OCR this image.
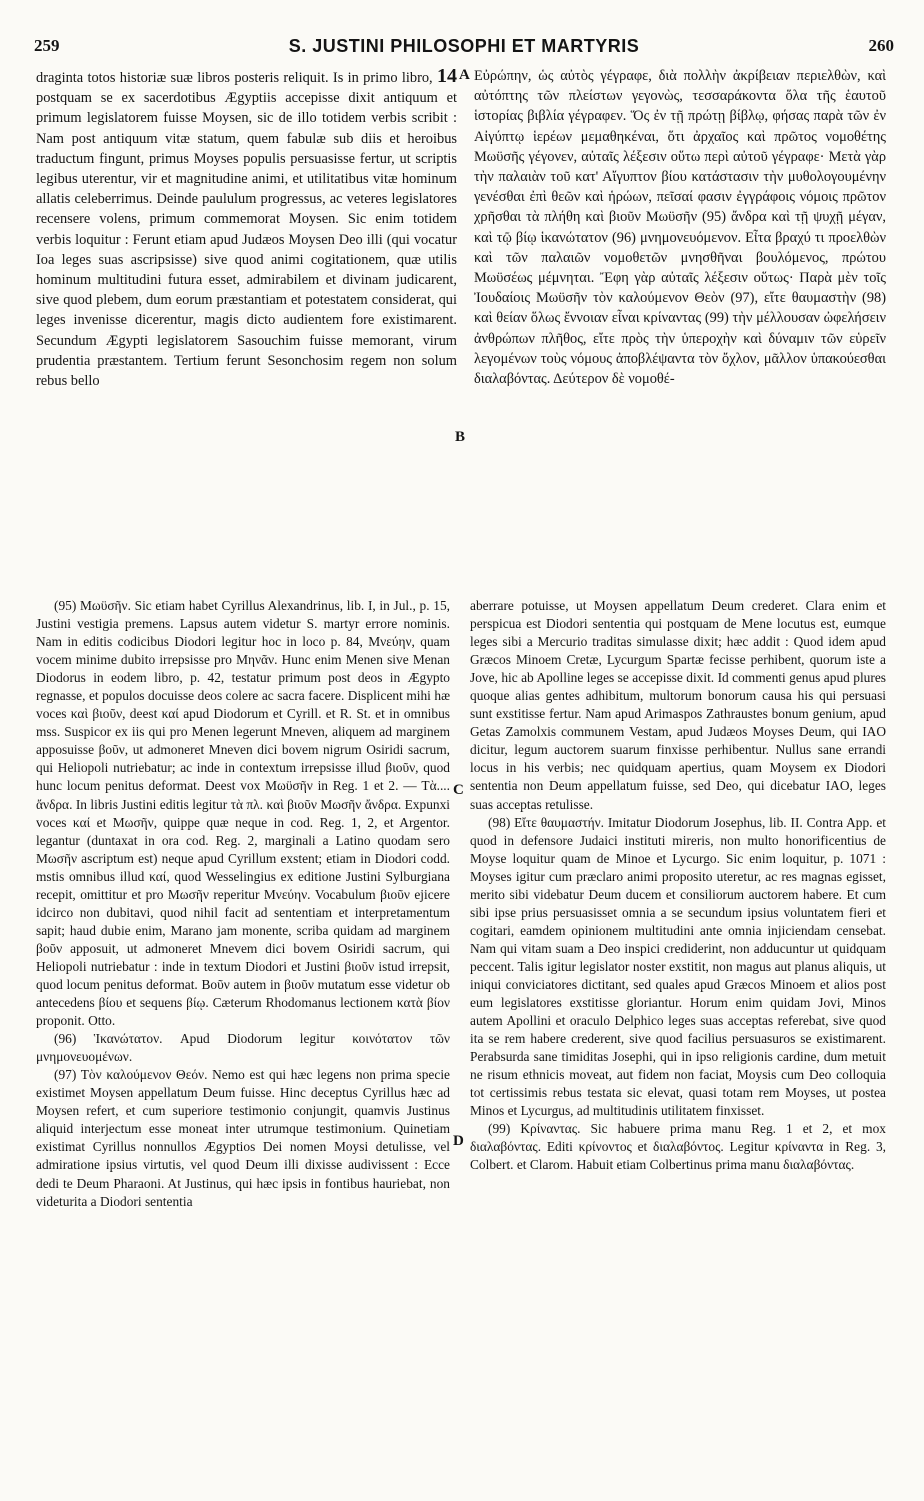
259	S. JUSTINI PHILOSOPHI ET MARTYRIS	260

draginta totos historiæ suæ libros posteris reliquit. Is in primo libro, 14 postquam se ex sacerdotibus Ægyptiis accepisse dixit antiquum et primum legislatorem fuisse Moysen, sic de illo totidem verbis scribit : Nam post antiquum vitæ statum, quem fabulæ sub diis et heroibus traductum fingunt, primus Moyses populis persuasisse fertur, ut scriptis legibus uterentur, vir et magnitudine animi, et utilitatibus vitæ hominum allatis celeberrimus. Deinde paululum progressus, ac veteres legislatores recensere volens, primum commemorat Moysen. Sic enim totidem verbis loquitur : Ferunt etiam apud Judæos Moysen Deo illi (qui vocatur Ioa leges suas ascripsisse) sive quod animi cogitationem, quæ utilis hominum multitudini futura esset, admirabilem et divinam judicarent, sive quod plebem, dum eorum præstantiam et potestatem considerat, qui leges invenisse dicerentur, magis dicto audientem fore existimarent. Secundum Ægypti legislatorem Sasouchim fuisse memorant, virum prudentia præstantem. Tertium ferunt Sesonchosim regem non solum rebus bello

Εὐρώπην, ὡς αὐτὸς γέγραφε, διὰ πολλὴν ἀκρίβειαν περιελθὼν, καὶ αὐτόπτης τῶν πλείστων γεγονὼς, τεσσαράκοντα ὅλα τῆς ἑαυτοῦ ἱστορίας βιβλία γέγραφεν. Ὅς ἐν τῇ πρώτῃ βίβλῳ, φήσας παρὰ τῶν ἐν Αἰγύπτῳ ἱερέων μεμαθηκέναι, ὅτι ἀρχαῖος καὶ πρῶτος νομοθέτης Μωϋσῆς γέγονεν, αὐταῖς λέξεσιν οὕτω περὶ αὐτοῦ γέγραφε· Μετὰ γὰρ τὴν παλαιὰν τοῦ κατ' Αἴγυπτον βίου κατάστασιν τὴν μυθολογουμένην γενέσθαι ἐπὶ θεῶν καὶ ἡρώων, πεῖσαί φασιν ἐγγράφοις νόμοις πρῶτον χρῆσθαι τὰ πλήθη καὶ βιοῦν Μωϋσῆν (95) ἄνδρα καὶ τῇ ψυχῇ μέγαν, καὶ τῷ βίῳ ἱκανώτατον (96) μνημονευόμενον. Εἶτα βραχύ τι προελθὼν καὶ τῶν παλαιῶν νομοθετῶν μνησθῆναι βουλόμενος, πρώτου Μωϋσέως μέμνηται. Ἔφη γὰρ αὐταῖς λέξεσιν οὕτως· Παρὰ μὲν τοῖς Ἰουδαίοις Μωϋσῆν τὸν καλούμενον Θεὸν (97), εἴτε θαυμαστὴν (98) καὶ θείαν ὅλως ἔννοιαν εἶναι κρίναντας (99) τὴν μέλλουσαν ὠφελήσειν ἀνθρώπων πλῆθος, εἴτε πρὸς τὴν ὑπεροχὴν καὶ δύναμιν τῶν εὑρεῖν λεγομένων τοὺς νόμους ἀποβλέψαντα τὸν ὄχλον, μᾶλλον ὑπακούεσθαι διαλαβόντας. Δεύτερον δὲ νομοθέ-

A
B
C
D

(95) Μωϋσῆν. Sic etiam habet Cyrillus Alexandrinus, lib. I, in Jul., p. 15, Justini vestigia premens. Lapsus autem videtur S. martyr errore nominis. Nam in editis codicibus Diodori legitur hoc in loco p. 84, Μνεύην, quam vocem minime dubito irrepsisse pro Μηνᾶν. Hunc enim Menen sive Menan Diodorus in eodem libro, p. 42, testatur primum post deos in Ægypto regnasse, et populos docuisse deos colere ac sacra facere. Displicent mihi hæ voces καὶ βιοῦν, deest καί apud Diodorum et Cyrill. et R. St. et in omnibus mss. Suspicor ex iis qui pro Menen legerunt Mneven, aliquem ad marginem apposuisse βοῦν, ut admoneret Mneven dici bovem nigrum Osiridi sacrum, qui Heliopoli nutriebatur; ac inde in contextum irrepsisse illud βιοῦν, quod hunc locum penitus deformat. Deest vox Μωϋσῆν in Reg. 1 et 2. — Τὰ.... ἄνδρα. In libris Justini editis legitur τὰ πλ. καὶ βιοῦν Μωσῆν ἄνδρα. Expunxi voces καί et Μωσῆν, quippe quæ neque in cod. Reg. 1, 2, et Argentor. legantur (duntaxat in ora cod. Reg. 2, marginali a Latino quodam sero Μωσῆν ascriptum est) neque apud Cyrillum exstent; etiam in Diodori codd. mstis omnibus illud καί, quod Wesselingius ex editione Justini Sylburgiana recepit, omittitur et pro Μωσῆν reperitur Μνεύην. Vocabulum βιοῦν ejicere idcirco non dubitavi, quod nihil facit ad sententiam et interpretamentum sapit; haud dubie enim, Marano jam monente, scriba quidam ad marginem βοῦν apposuit, ut admoneret Mnevem dici bovem Osiridi sacrum, qui Heliopoli nutriebatur : inde in textum Diodori et Justini βιοῦν istud irrepsit, quod locum penitus deformat. Βοῦν autem in βιοῦν mutatum esse videtur ob antecedens βίου et sequens βίῳ. Cæterum Rhodomanus lectionem κατὰ βίον proponit. Otto.

(96) Ἱκανώτατον. Apud Diodorum legitur κοινότατον τῶν μνημονευομένων.

(97) Τὸν καλούμενον Θεόν. Nemo est qui hæc legens non prima specie existimet Moysen appellatum Deum fuisse. Hinc deceptus Cyrillus hæc ad Moysen refert, et cum superiore testimonio conjungit, quamvis Justinus aliquid interjectum esse moneat inter utrumque testimonium. Quinetiam existimat Cyrillus nonnullos Ægyptios Dei nomen Moysi detulisse, vel admiratione ipsius virtutis, vel quod Deum illi dixisse audivissent : Ecce dedi te Deum Pharaoni. At Justinus, qui hæc ipsis in fontibus hauriebat, non videturita a Diodori sententia

aberrare potuisse, ut Moysen appellatum Deum crederet. Clara enim et perspicua est Diodori sententia qui postquam de Mene locutus est, eumque leges sibi a Mercurio traditas simulasse dixit; hæc addit : Quod idem apud Græcos Minoem Cretæ, Lycurgum Spartæ fecisse perhibent, quorum iste a Jove, hic ab Apolline leges se accepisse dixit. Id commenti genus apud plures quoque alias gentes adhibitum, multorum bonorum causa his qui persuasi sunt exstitisse fertur. Nam apud Arimaspos Zathraustes bonum genium, apud Getas Zamolxis communem Vestam, apud Judæos Moyses Deum, qui IAO dicitur, legum auctorem suarum finxisse perhibentur. Nullus sane errandi locus in his verbis; nec quidquam apertius, quam Moysem ex Diodori sententia non Deum appellatum fuisse, sed Deo, qui dicebatur IAO, leges suas acceptas retulisse.

(98) Εἴτε θαυμαστήν. Imitatur Diodorum Josephus, lib. II. Contra App. et quod in defensore Judaici instituti mireris, non multo honorificentius de Moyse loquitur quam de Minoe et Lycurgo. Sic enim loquitur, p. 1071 : Moyses igitur cum præclaro animi proposito uteretur, ac res magnas egisset, merito sibi videbatur Deum ducem et consiliorum auctorem habere. Et cum sibi ipse prius persuasisset omnia a se secundum ipsius voluntatem fieri et cogitari, eamdem opinionem multitudini ante omnia injiciendam censebat. Nam qui vitam suam a Deo inspici crediderint, non adducuntur ut quidquam peccent. Talis igitur legislator noster exstitit, non magus aut planus aliquis, ut iniqui conviciatores dictitant, sed quales apud Græcos Minoem et alios post eum legislatores exstitisse gloriantur. Horum enim quidam Jovi, Minos autem Apollini et oraculo Delphico leges suas acceptas referebat, sive quod ita se rem habere crederent, sive quod facilius persuasuros se existimarent. Perabsurda sane timiditas Josephi, qui in ipso religionis cardine, dum metuit ne risum ethnicis moveat, aut fidem non faciat, Moysis cum Deo colloquia tot certissimis rebus testata sic elevat, quasi totam rem Moyses, ut postea Minos et Lycurgus, ad multitudinis utilitatem finxisset.

(99) Κρίναντας. Sic habuere prima manu Reg. 1 et 2, et mox διαλαβόντας. Editi κρίνοντος et διαλαβόντος. Legitur κρίναντα in Reg. 3, Colbert. et Clarom. Habuit etiam Colbertinus prima manu διαλαβόντας.
